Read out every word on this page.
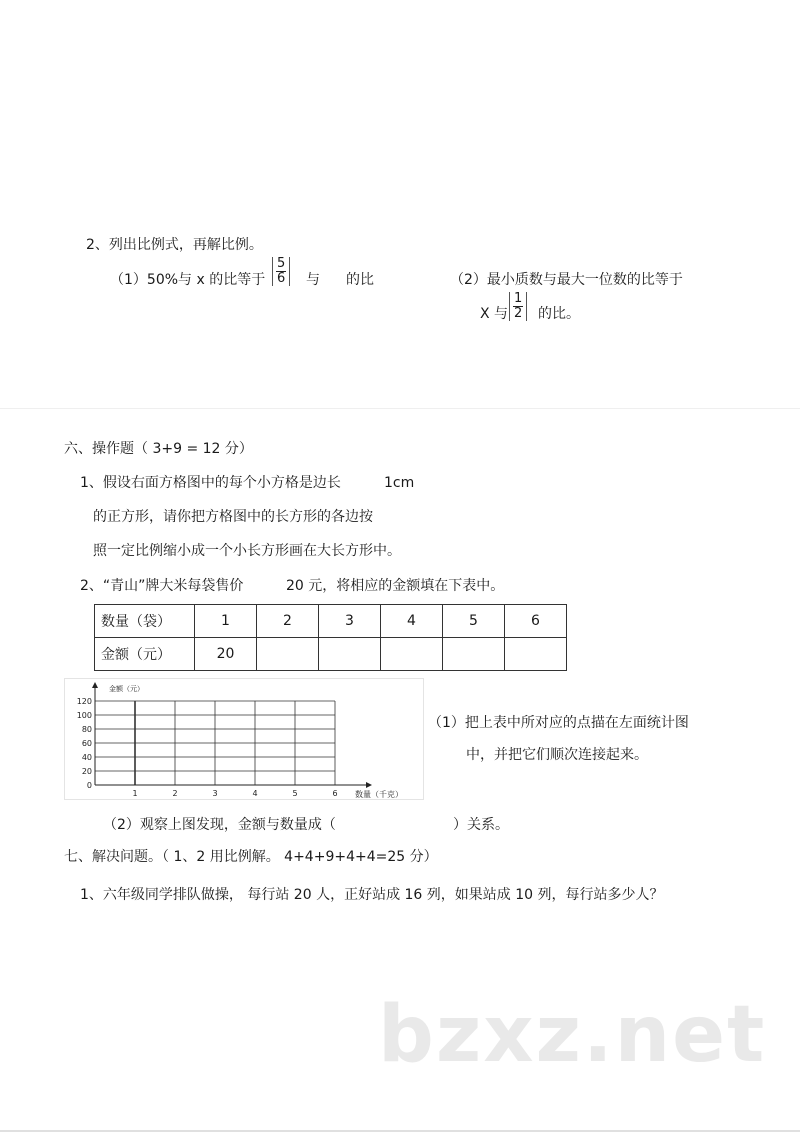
2、列出比例式，再解比例。
（1）50%与 x 的比等于 $\frac{5}{6}$ 与 的比	（2）最小质数与最大一位数的比等于
X 与 $\frac{1}{2}$ 的比。
六、操作题（ 3+9 = 12 分）
1、假设右面方格图中的每个小方格是边长	1cm
的正方形，请你把方格图中的长方形的各边按
照一定比例缩小成一个小长方形画在大长方形中。
2、“青山”牌大米每袋售价	20 元，将相应的金额填在下表中。
数量（袋）	1	2	3	4	5	6
金额（元）	20					
0
20
40
60
80
100
120
1	2	3	4	5	6
金额（元）
数量（千克）
（1）把上表中所对应的点描在左面统计图
中，并把它们顺次连接起来。
（2）观察上图发现，金额与数量成（	）关系。
七、解决问题。（ 1、2 用比例解。 4+4+9+4+4=25 分）
1、六年级同学排队做操， 每行站 20 人，正好站成 16 列，如果站成 10 列，每行站多少人？
bzxz.net
